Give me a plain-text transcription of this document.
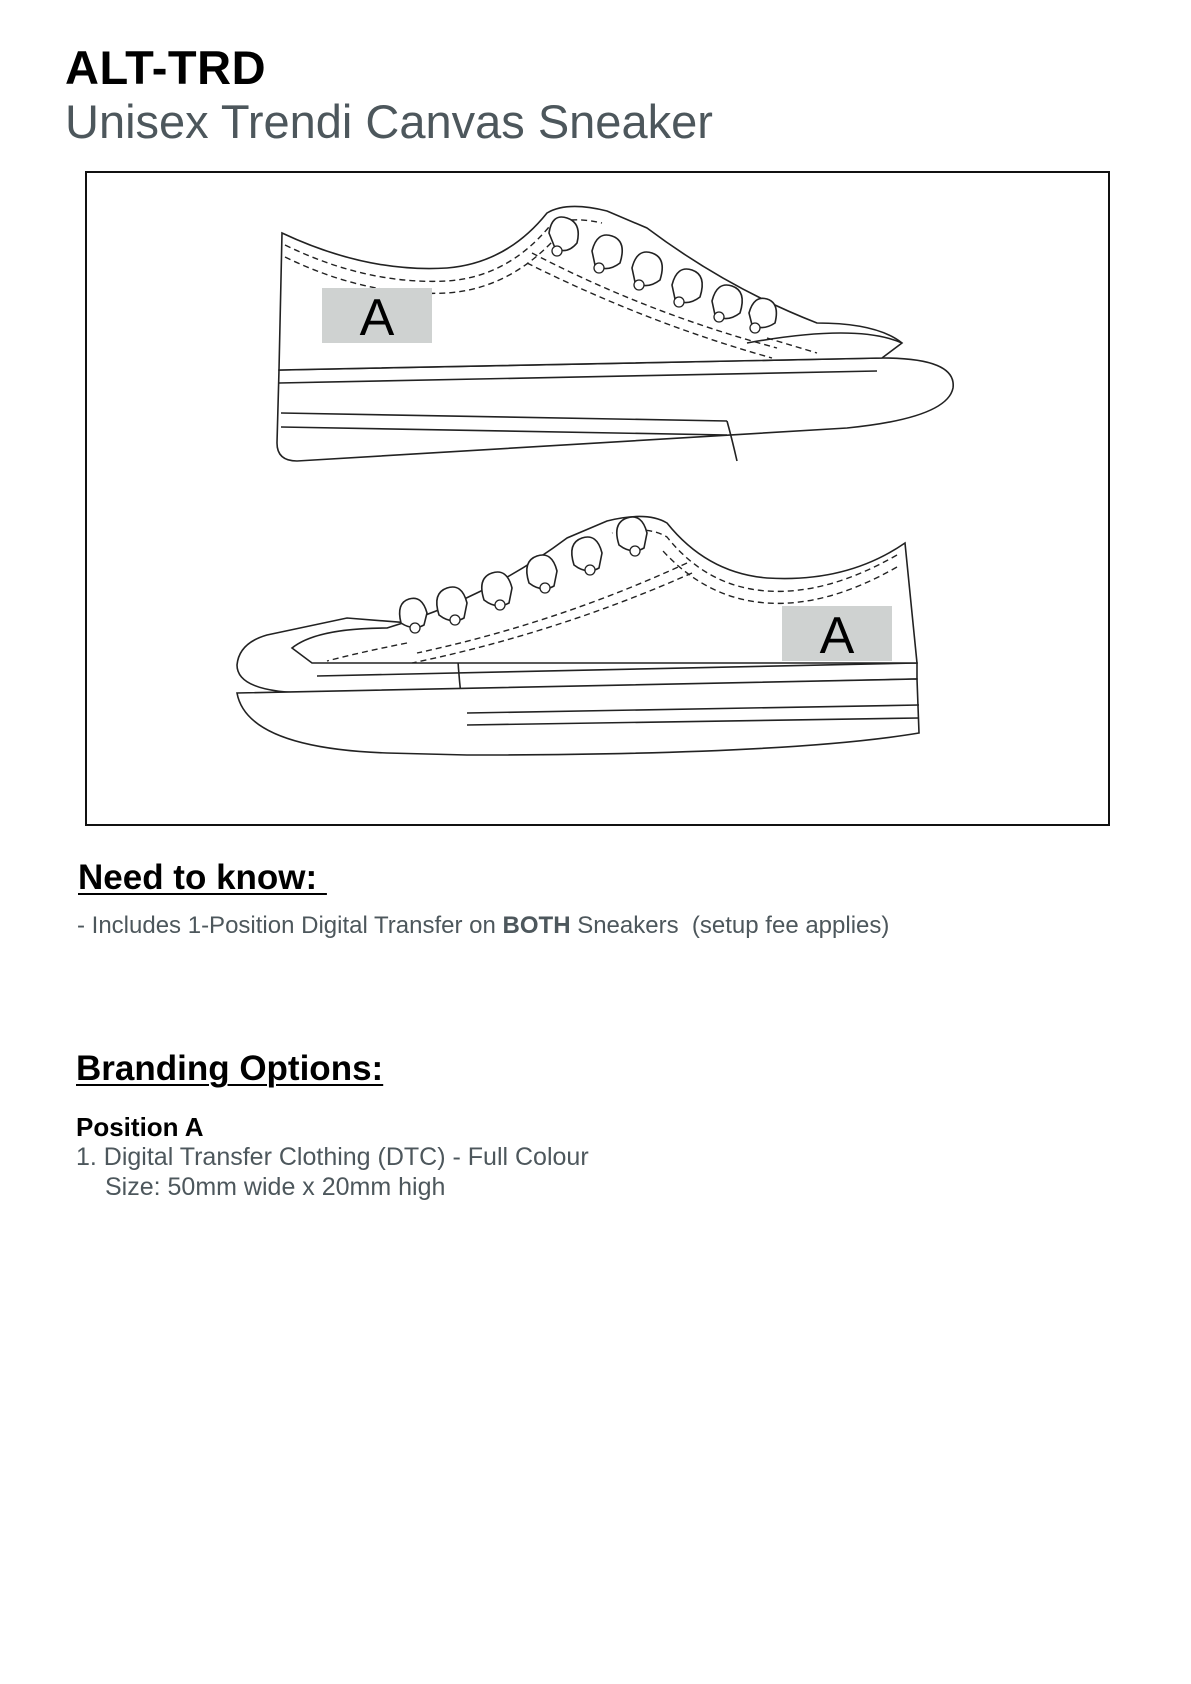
ALT-TRD
Unisex Trendi Canvas Sneaker
A
A
Need to know:
- Includes 1-Position Digital Transfer on BOTH Sneakers  (setup fee applies)
Branding Options:
Position A
1. Digital Transfer Clothing (DTC) - Full Colour
Size: 50mm wide x 20mm high
